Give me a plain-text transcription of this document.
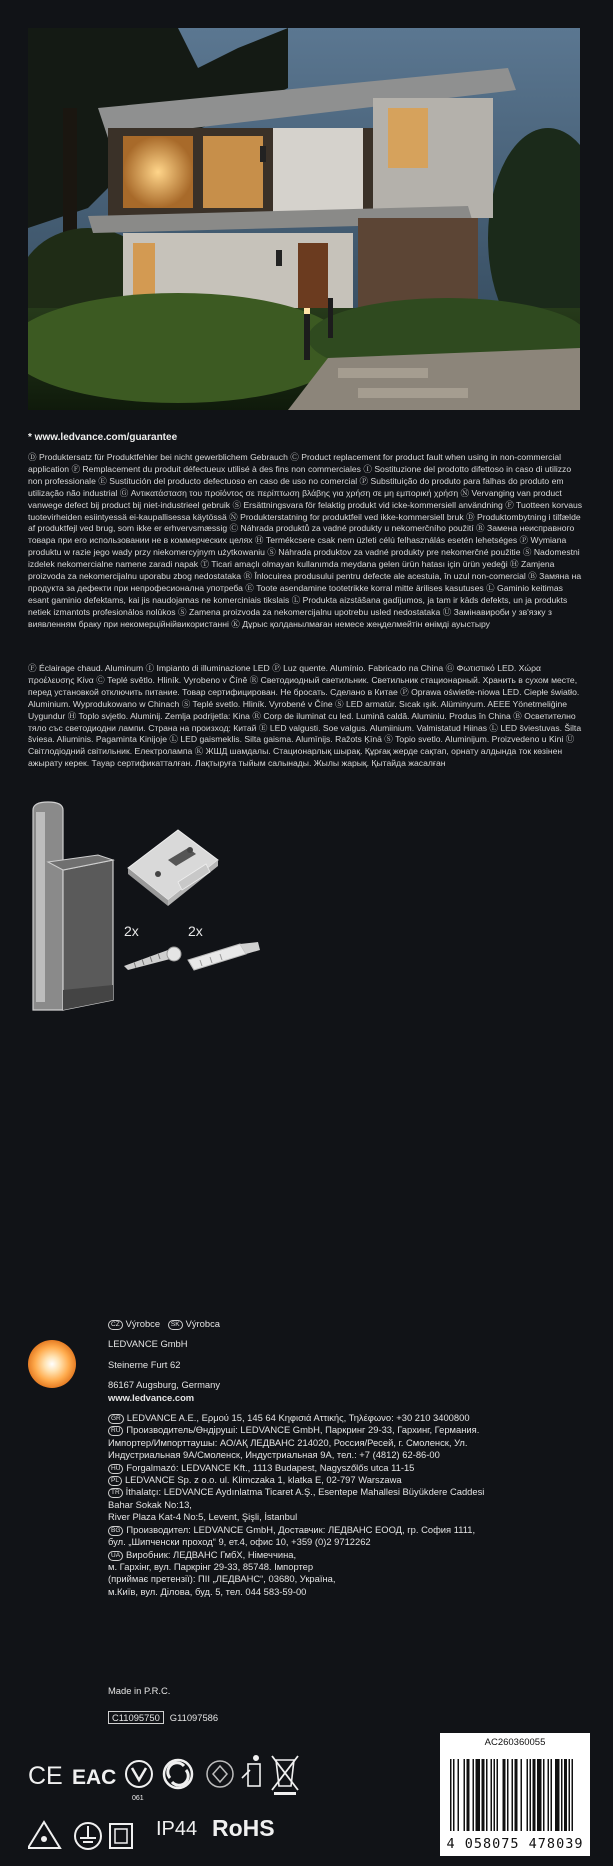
* www.ledvance.com/guarantee
Ⓓ Produktersatz für Produktfehler bei nicht gewerblichem Gebrauch Ⓒ Product replacement for product fault when using in non-commercial application Ⓕ Remplacement du produit défectueux utilisé à des fins non commerciales Ⓘ Sostituzione del prodotto difettoso in caso di utilizzo non professionale Ⓔ Sustitución del producto defectuoso en caso de uso no comercial Ⓟ Substituição do produto para falhas do produto em utilização não industrial Ⓖ Αντικατάσταση του προϊόντος σε περίπτωση βλάβης για χρήση σε μη εμπορική χρήση Ⓝ Vervanging van product vanwege defect bij product bij niet-industrieel gebruik Ⓢ Ersättningsvara för felaktig produkt vid icke-kommersiell användning Ⓕ Tuotteen korvaus tuotevirheiden esiintyessä ei-kaupallisessa käytössä Ⓝ Produkterstatning for produktfeil ved ikke-kommersiell bruk Ⓓ Produktombytning i tilfælde af produktfejl ved brug, som ikke er erhvervsmæssig Ⓒ Náhrada produktů za vadné produkty u nekomerčního použití Ⓡ Замена неисправного товара при его использовании не в коммерческих целях Ⓗ Termékcsere csak nem üzleti célú felhasználás esetén lehetséges Ⓟ Wymiana produktu w razie jego wady przy niekomercyjnym użytkowaniu Ⓢ Náhrada produktov za vadné produkty pre nekomerčné použitie Ⓢ Nadomestni izdelek nekomercialne namene zaradi napak Ⓣ Ticari amaçlı olmayan kullanımda meydana gelen ürün hatası için ürün yedeği Ⓗ Zamjena proizvoda za nekomercijalnu uporabu zbog nedostataka Ⓡ Înlocuirea produsului pentru defecte ale acestuia, în uzul non-comercial Ⓑ Замяна на продукта за дефекти при непрофесионална употреба Ⓔ Toote asendamine tootetrikke korral mitte ärilises kasutuses Ⓛ Gaminio keitimas esant gaminio defektams, kai jis naudojamas ne komerciniais tikslais Ⓛ Produkta aizstāšana gadījumos, ja tam ir kāds defekts, un ja produkts netiek izmantots profesionālos nolūkos Ⓢ Zamena proizvoda za nekomercijalnu upotrebu usled nedostataka Ⓤ Замінавироби у зв'язку з виявленням браку при некомерційнійвикористанні Ⓚ Дұрыс қолданылмаған немесе жеңделмейтін өнімді ауыстыру
Ⓕ Éclairage chaud. Aluminum Ⓘ Impianto di illuminazione LED Ⓟ Luz quente. Alumínio. Fabricado na China Ⓖ Φωτιστικό LED. Χώρα προέλευσης Κίνα Ⓒ Teplé světlo. Hliník. Vyrobeno v Číně Ⓡ Светодиодный светильник. Светильник стационарный. Хранить в сухом месте, перед установкой отключить питание. Товар сертифицирован. Не бросать. Сделано в Китае Ⓟ Oprawa oświetle-niowa LED. Ciepłe światło. Aluminium. Wyprodukowano w Chinach Ⓢ Teplé svetlo. Hliník. Vyrobené v Číne Ⓢ LED armatúr. Sıcak ışık. Alüminyum. AEEE Yönetmeliğine Uygundur Ⓗ Toplo svjetlo. Aluminij. Zemlja podrijetla: Kina Ⓡ Corp de iluminat cu led. Lumină caldă. Aluminiu. Produs în China Ⓑ Осветително тяло със светодиодни лампи. Страна на произход: Китай Ⓔ LED valgusti. Soe valgus. Alumiinium. Valmistatud Hiinas Ⓛ LED šviestuvas. Šilta šviesa. Aliuminis. Pagaminta Kinijoje Ⓛ LED gaismeklis. Silta gaisma. Alumīnijs. Ražots Ķīnā Ⓢ Topio svetlo. Aluminijum. Proizvedeno u Kini Ⓤ Світлодіодний світильник. Електролампа Ⓚ ЖШД шамдалы. Стационарлық шырақ. Құрғақ жерде сақтап, орнату алдында ток көзінен ажырату керек. Тауар сертификатталған. Лақтыруға тыйым салынады. Жылы жарық. Қытайда жасалған
2x	2x
CZ Výrobce SK Výrobca
LEDVANCE GmbH
Steinerne Furt 62
86167 Augsburg, Germany
www.ledvance.com
GR LEDVANCE A.E., Ερμού 15, 145 64 Κηφισιά Αττικής, Τηλέφωνο: +30 210 3400800
RU Производитель/Өндіруші: LEDVANCE GmbH, Паркринг 29-33, Гархинг, Германия.
Импортер/Импорттаушы: АО/АҚ ЛЕДВАНС 214020, Россия/Ресей, г. Смоленск, Ул.
Индустриальная 9А/Смоленск, Индустриальная 9А, тел.: +7 (4812) 62-86-00
HU Forgalmazó: LEDVANCE Kft., 1113 Budapest, Nagyszőlős utca 11-15
PL LEDVANCE Sp. z o.o. ul. Klimczaka 1, klatka E, 02-797 Warszawa
TR İthalatçı: LEDVANCE Aydınlatma Ticaret A.Ş., Esentepe Mahallesi Büyükdere Caddesi
Bahar Sokak No:13,
River Plaza Kat-4 No:5, Levent, Şişli, İstanbul
BG Производител: LEDVANCE GmbH, Доставчик: ЛЕДВАНС ЕООД, гр. София 1111,
бул. „Шипченски проход“ 9, ет.4, офис 10, +359 (0)2 9712262
UA Виробник: ЛЕДВАНС ГмбХ, Німеччина,
м. Гархінг, вул. Паркрінг 29-33, 85748. Імпортер
(приймає претензії): ПІІ „ЛЕДВАНС“, 03680, Україна,
м.Київ, вул. Ділова, буд. 5, тел. 044 583-59-00
Made in P.R.C.
C11095750 G11097586
AC260360055
4 058075 478039
CE EAC
061
IP44 RoHS
